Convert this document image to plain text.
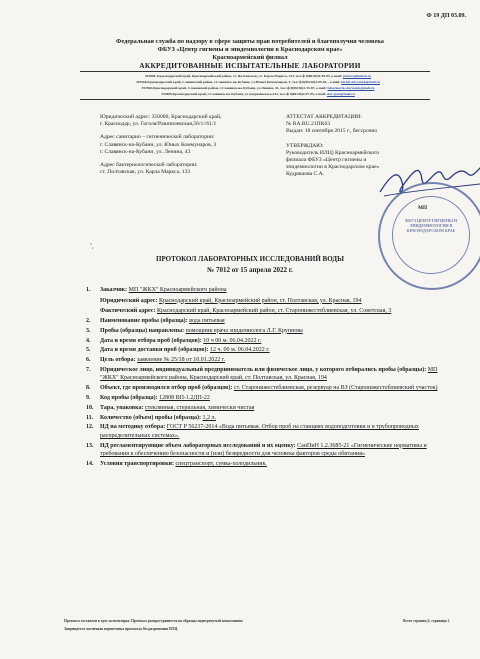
Ф 19 ДП 03.09.
Федеральная служба по надзору в сфере защиты прав потребителей и благополучия человека
ФБУЗ «Центр гигиены и эпидемиологии в Краснодарском крае»
Красноармейский филиал
АККРЕДИТОВАННЫЕ ИСПЫТАТЕЛЬНЫЕ ЛАБОРАТОРИИ
353800, Краснодарский край, Красноармейский район, ст. Полтавская, ул. Карла Маркса, 133, тел./ф 8(86165)4-09-85, e-mail: poltava@kuban.ru
353560,Краснодарский край, Славянский район, г.Славянск-на-Кубани, ул.Юных Коммунаров, 3, тел./ф 8(86146)4-09-65, , e-mail: kirish-slavyansk@mail.ru
353560,Краснодарский край, Славянский район, г.Славянск-на-Кубани, ул.Ленина, 43, тел./ф 8(86146)2-35-87, e-mail: laboratoria-slavyansk@mail.ru
353800,Краснодарский край, г.Славянск-на-Кубани, ул.Дзержинского,243, тел./ф 8(86146)4-97-05, e-mail: slav-gsen@mail.ru
Юридический адрес: 350000, Краснодарский край,
г. Краснодар, ул. Гоголя/Рашпилевская,56/1//61/1
Адрес санитарно – гигиенической лаборатории:
г. Славянск-на-Кубани, ул. Юных Коммунаров, 3
г. Славянск-на-Кубани, ул. Ленина, 43
Адрес бактериологической лаборатории:
ст. Полтавская, ул. Карла Маркса, 133
АТТЕСТАТ АККРЕДИТАЦИИ:
№ RA.RU.21ПК63
Выдан: 18 сентября 2015 г., бессрочно
УТВЕРЖДАЮ:
Руководитель ИЛЦ) Красноармейского
филиала ФБУЗ «Центр гигиены и
эпидемиологии в Краснодарском крае»
Кудряшова С.А.
ФБУЗ ЦЕНТР ГИГИЕНЫ И ЭПИДЕМИОЛОГИИ В КРАСНОДАРСКОМ КРАЕ
МП
ˇ,
ПРОТОКОЛ ЛАБОРАТОРНЫХ ИССЛЕДОВАНИЙ ВОДЫ
№ 7012 от 15 апреля 2022 г.
1. Заказчик: МП "ЖКХ" Красноармейского района
Юридический адрес: Краснодарский край, Красноармейский район, ст. Полтавская, ул. Красная, 194
Фактический адрес: Краснодарский край, Красноармейский район, ст. Старонижестеблиевская, ул. Советская, 3
2. Наименование пробы (образца): вода питьевая
3. Пробы (образцы) направлены: помощник врача эпидемиолога Л.Г. Крупнова
4. Дата и время отбора проб (образцов): 10 ч 00 м. 06.04.2022 г.
5. Дата и время доставки проб (образцов): 12 ч. 00 м. 06.04.2022 г.
6. Цель отбора: заявление № 25/18 от 10.01.2022 г.
7. Юридическое лицо, индивидуальный предприниматель или физическое лицо, у которого отбирались пробы (образцы): МП "ЖКХ" Красноармейского района, Краснодарский край, ст. Полтавская, ул. Красная, 194
8. Объект, где производился отбор проб (образцов): ст. Старонижестеблиевская, резервуар на ВЗ (Старонижестеблиевский участок)
9. Код пробы (образца): 12808 ВП-1.2ДП-22
10. Тара, упаковка: стеклянная, стерильная, химически чистая
11. Количество (объем) пробы (образца): 1,2 л.
12. НД на методику отбора: ГОСТ Р 56237-2014 «Вода питьевая. Отбор проб на станциях водоподготовки и в трубопроводных распределительных системах».
13. НД регламентирующие объем лабораторных исследований и их оценку: СанПиН 1.2.3685-21 «Гигиенические нормативы и требования к обеспечению безопасности и (или) безвредности для человека факторов среды обитания»
14. Условия транспортировки: спецтранспорт, сумка-холодильник.
Протокол составлен в трех экземплярах. Протокол распространяется на образцы подвергнутый испытаниям.
Запрещается частичная перепечатка протокола без разрешения ИЛЦ
Всего страниц 2; страница 1.
